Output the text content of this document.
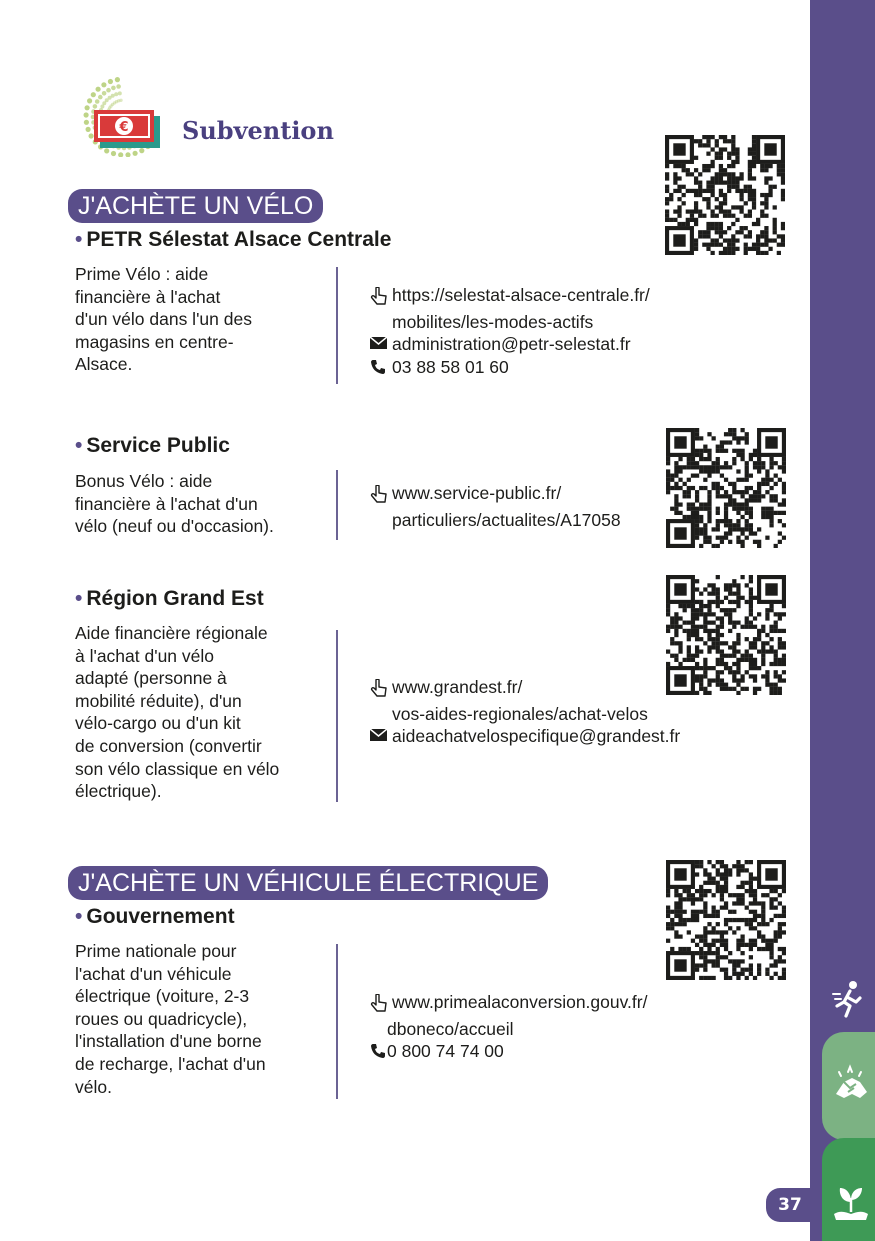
37
€ Subvention
J'ACHÈTE UN VÉLO
• PETR Sélestat Alsace Centrale
Prime Vélo : aide
financière à l'achat
d'un vélo dans l'un des
magasins en centre-
Alsace.
https://selestat-alsace-centrale.fr/
mobilites/les-modes-actifs
administration@petr-selestat.fr
03 88 58 01 60
• Service Public
Bonus Vélo : aide
financière à l'achat d'un
vélo (neuf ou d'occasion).
www.service-public.fr/
particuliers/actualites/A17058
• Région Grand Est
Aide financière régionale
à l'achat d'un vélo
adapté (personne à
mobilité réduite), d'un
vélo-cargo ou d'un kit
de conversion (convertir
son vélo classique en vélo
électrique).
www.grandest.fr/
vos-aides-regionales/achat-velos
aideachatvelospecifique@grandest.fr
J'ACHÈTE UN VÉHICULE ÉLECTRIQUE
• Gouvernement
Prime nationale pour
l'achat d'un véhicule
électrique (voiture, 2-3
roues ou quadricycle),
l'installation d'une borne
de recharge, l'achat d'un
vélo.
www.primealaconversion.gouv.fr/
dboneco/accueil
0 800 74 74 00
